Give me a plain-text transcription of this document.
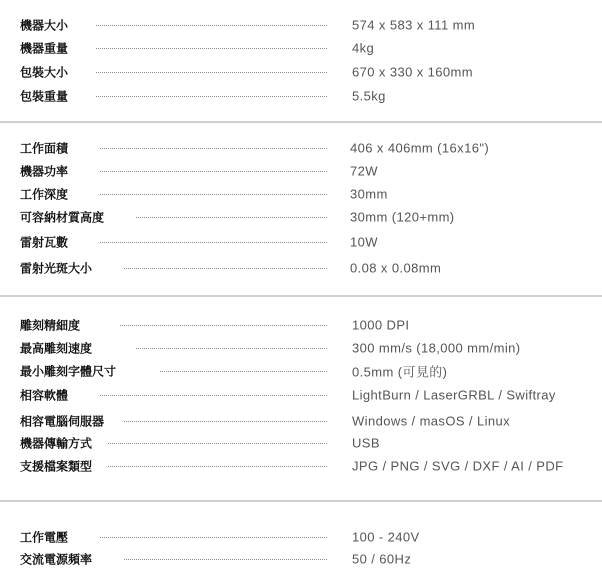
機器大小	574 x 583 x 111 mm
機器重量	4kg
包裝大小	670 x 330 x 160mm
包裝重量	5.5kg
工作面積	406 x 406mm (16x16")
機器功率	72W
工作深度	30mm
可容納材質高度	30mm (120+mm)
雷射瓦數	10W
雷射光斑大小	0.08 x 0.08mm
雕刻精細度	1000 DPI
最高雕刻速度	300 mm/s (18,000 mm/min)
最小雕刻字體尺寸	0.5mm (可見的)
相容軟體	LightBurn / LaserGRBL / Swiftray
相容電腦伺服器	Windows / masOS / Linux
機器傳輸方式	USB
支援檔案類型	JPG / PNG / SVG / DXF / AI / PDF
工作電壓	100 - 240V
交流電源頻率	50 / 60Hz
